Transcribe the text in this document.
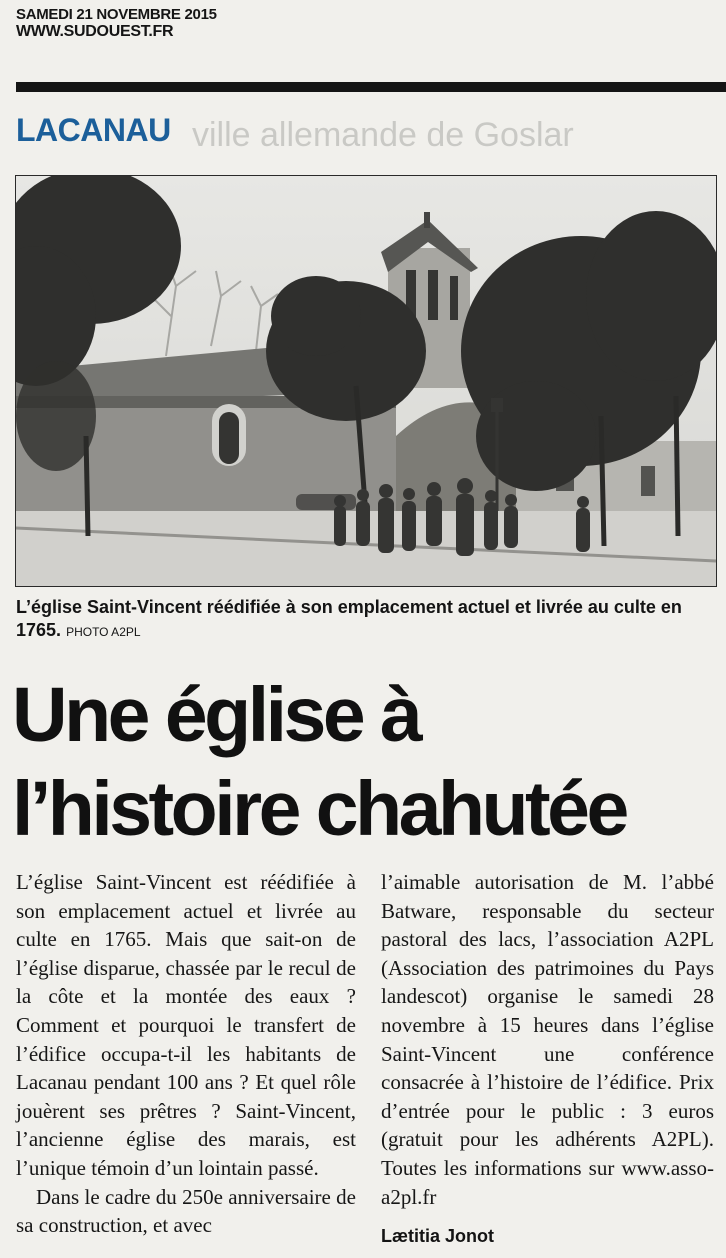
SAMEDI 21 NOVEMBRE 2015

WWW.SUDOUEST.FR

LACANAU ville allemande de Goslar

L’église Saint-Vincent réédifiée à son emplacement actuel et livrée au culte en 1765. PHOTO A2PL

Une église à
l’histoire chahutée

L’église Saint-Vincent est réédifiée à son emplacement actuel et livrée au culte en 1765. Mais que sait-on de l’église disparue, chassée par le recul de la côte et la montée des eaux ? Comment et pourquoi le transfert de l’édifice occupa-t-il les habitants de Lacanau pendant 100 ans ? Et quel rôle jouèrent ses prêtres ? Saint-Vincent, l’ancienne église des marais, est l’unique témoin d’un lointain passé.

Dans le cadre du 250e anniversaire de sa construction, et avec

l’aimable autorisation de M. l’abbé Batware, responsable du secteur pastoral des lacs, l’association A2PL (Association des patrimoines du Pays landescot) organise le samedi 28 novembre à 15 heures dans l’église Saint-Vincent une conférence consacrée à l’histoire de l’édifice. Prix d’entrée pour le public : 3 euros (gratuit pour les adhérents A2PL). Toutes les informations sur www.asso-a2pl.fr

Lætitia Jonot
